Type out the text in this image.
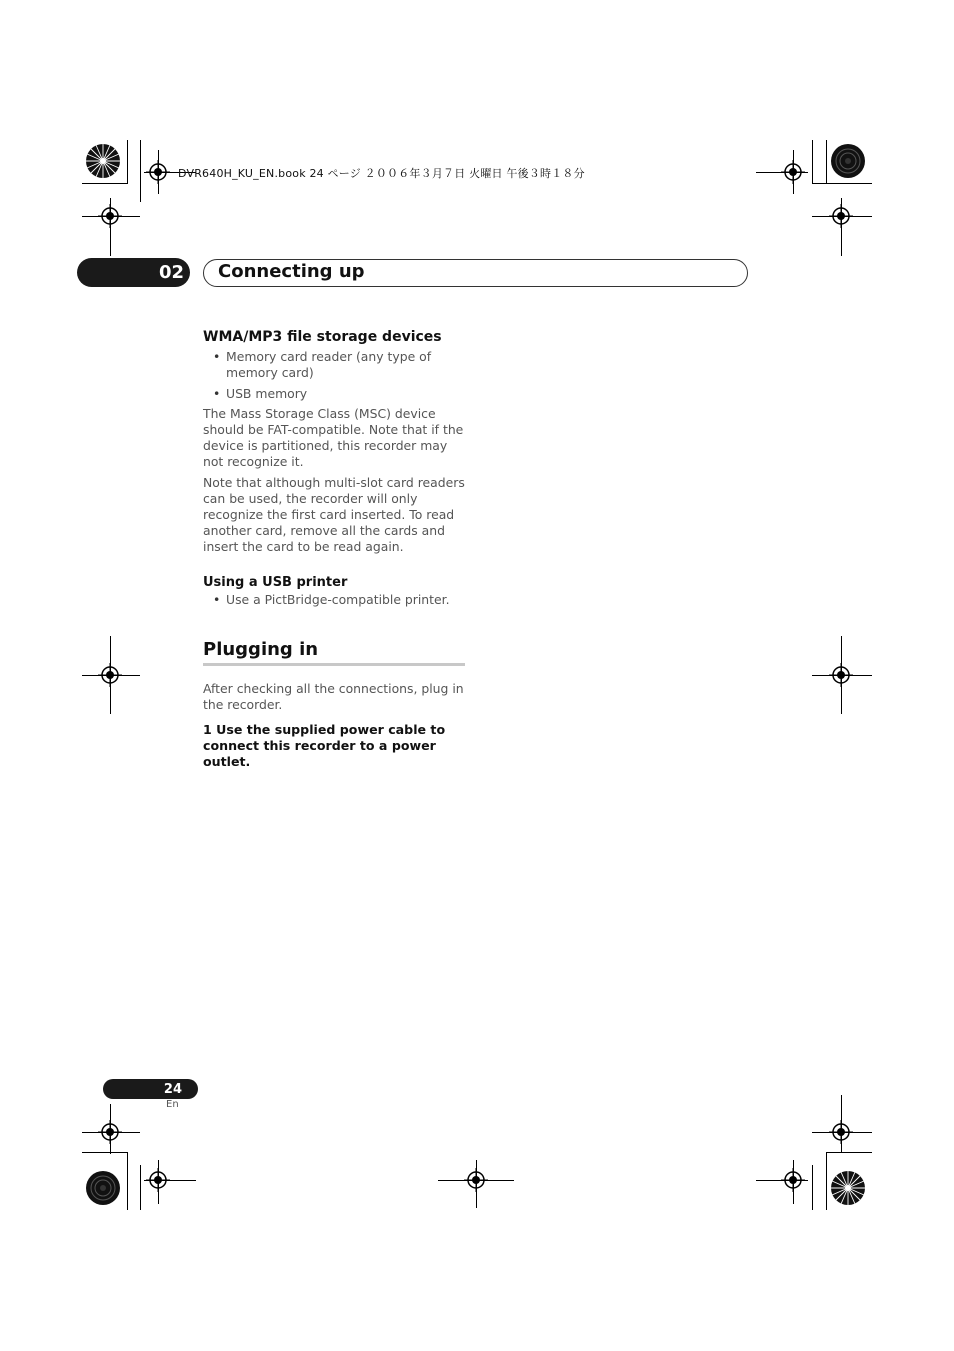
DVR640H_KU_EN.book 24 ページ ２００６年３月７日 火曜日 午後３時１８分
02	Connecting up
WMA/MP3 file storage devices
• Memory card reader (any type of memory card)
• USB memory
The Mass Storage Class (MSC) device should be FAT-compatible. Note that if the device is partitioned, this recorder may not recognize it.
Note that although multi-slot card readers can be used, the recorder will only recognize the first card inserted. To read another card, remove all the cards and insert the card to be read again.
Using a USB printer
• Use a PictBridge-compatible printer.
Plugging in
After checking all the connections, plug in the recorder.
1 Use the supplied power cable to connect this recorder to a power outlet.
24
En
